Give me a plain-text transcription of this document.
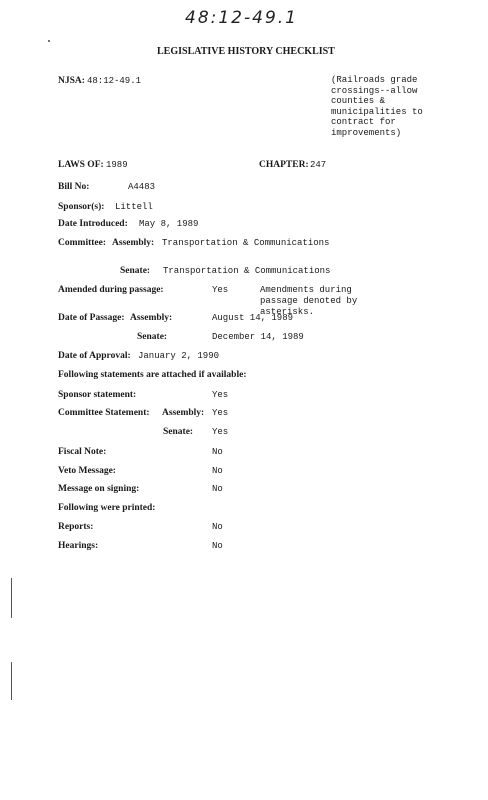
48:12-49.1
LEGISLATIVE HISTORY CHECKLIST
NJSA: 48:12-49.1	(Railroads grade crossings--allow counties & municipalities to contract for improvements)
LAWS OF: 1989	CHAPTER: 247
Bill No:	A4483
Sponsor(s): Littell
Date Introduced: May 8, 1989
Committee: Assembly: Transportation & Communications
Senate: Transportation & Communications
Amended during passage:	Yes	Amendments during passage denoted by asterisks.
Date of Passage: Assembly:	August 14, 1989
Senate:	December 14, 1989
Date of Approval: January 2, 1990
Following statements are attached if available:
Sponsor statement:	Yes
Committee Statement: Assembly: Yes
Senate: Yes
Fiscal Note:	No
Veto Message:	No
Message on signing:	No
Following were printed:
Reports:	No
Hearings:	No
